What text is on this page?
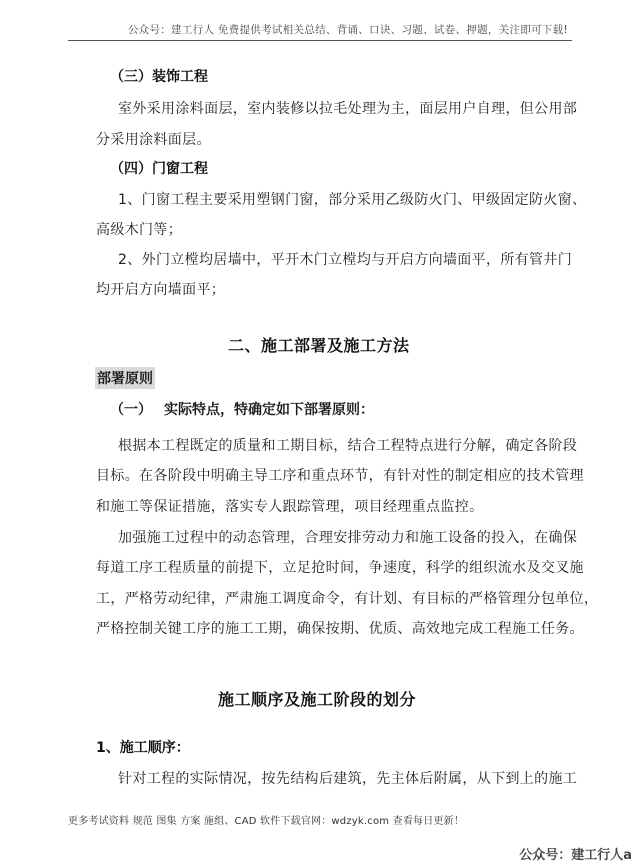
公众号：建工行人 免费提供考试相关总结、背诵、口诀、习题、试卷、押题，关注即可下载!
（三）装饰工程
室外采用涂料面层，室内装修以拉毛处理为主，面层用户自理，但公用部
分采用涂料面层。
（四）门窗工程
1、门窗工程主要采用塑钢门窗，部分采用乙级防火门、甲级固定防火窗、
高级木门等；
2、外门立樘均居墙中，平开木门立樘均与开启方向墙面平，所有管井门
均开启方向墙面平；
二、施工部署及施工方法
部署原则
（一） 实际特点，特确定如下部署原则：
根据本工程既定的质量和工期目标，结合工程特点进行分解，确定各阶段
目标。在各阶段中明确主导工序和重点环节，有针对性的制定相应的技术管理
和施工等保证措施，落实专人跟踪管理，项目经理重点监控。
加强施工过程中的动态管理，合理安排劳动力和施工设备的投入，在确保
每道工序工程质量的前提下，立足抢时间，争速度，科学的组织流水及交叉施
工，严格劳动纪律，严肃施工调度命令，有计划、有目标的严格管理分包单位，
严格控制关键工序的施工工期，确保按期、优质、高效地完成工程施工任务。
施工顺序及施工阶段的划分
1、施工顺序：
针对工程的实际情况，按先结构后建筑，先主体后附属，从下到上的施工
更多考试资料 规范 图集 方案 施组、CAD 软件下载官网：wdzyk.com 查看每日更新！
公众号：建工行人a
